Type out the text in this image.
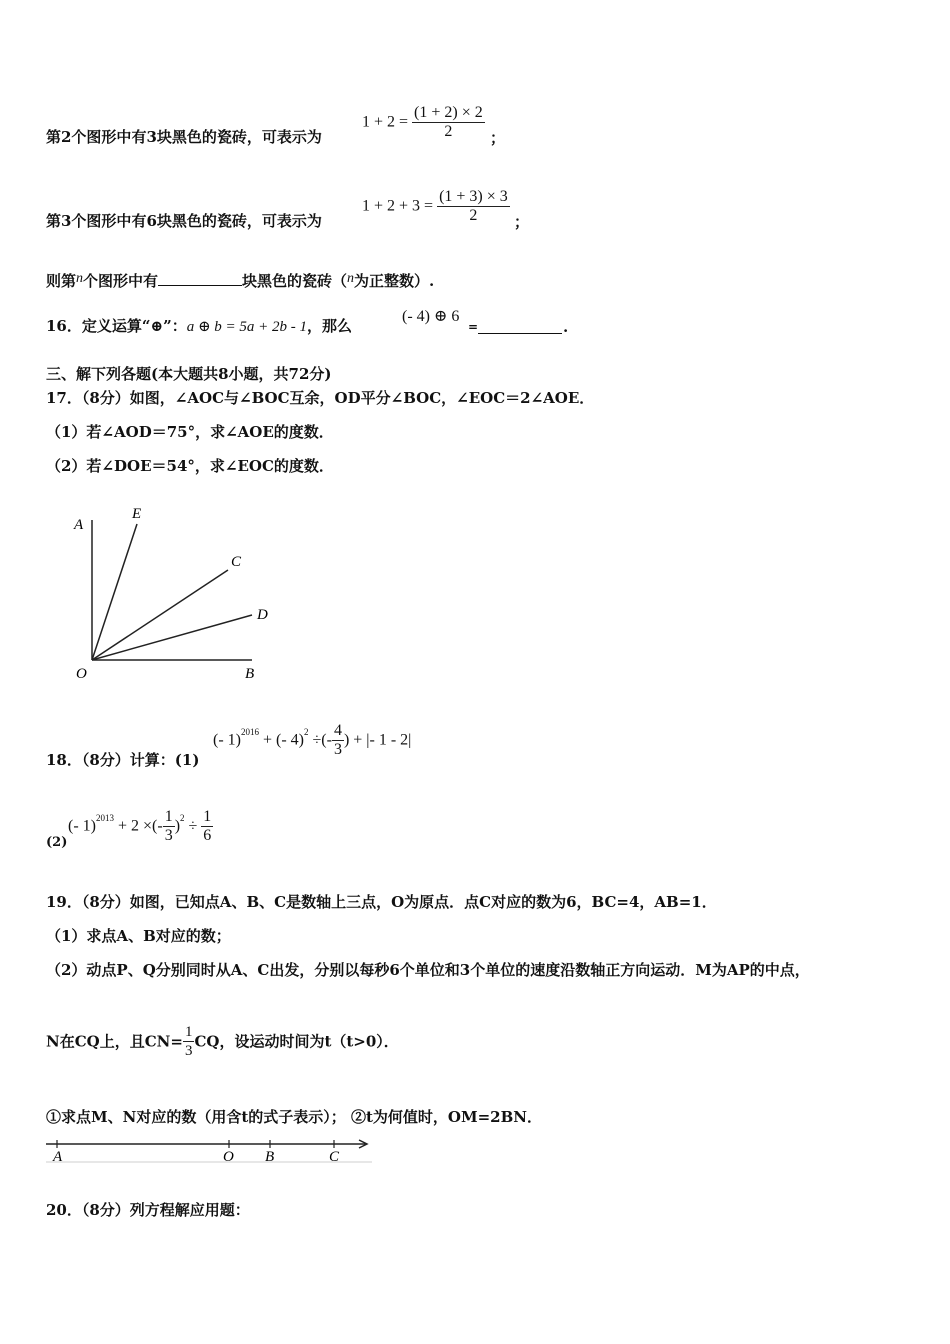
第2个图形中有3块黑色的瓷砖，可表示为
$1 + 2 = \frac{(1 + 2) \times 2}{2}$ ；
第3个图形中有6块黑色的瓷砖，可表示为
$1 + 2 + 3 = \frac{(1 + 3) \times 3}{2}$ ；
则第n个图形中有	块黑色的瓷砖（n为正整数）.
16．定义运算“⊕”：a ⊕ b = 5a + 2b - 1，那么
(- 4) ⊕ 6
=	.
三、解下列各题(本大题共8小题，共72分)
17．（8分）如图，∠AOC与∠BOC互余，OD平分∠BOC，∠EOC＝2∠AOE．
（1）若∠AOD＝75°，求∠AOE的度数．
（2）若∠DOE＝54°，求∠EOC的度数．
A
E
C
D
O	B
18．（8分）计算：(1)
(- 1)$^{2016}$ + (- 4)$^2$ ÷(- $\frac{4}{3}$ ) + |- 1 - 2|
(2)
(- 1)$^{2013}$ + 2 ×(- $\frac{1}{3} )^2 \div \frac{1}{6}$
19．（8分）如图，已知点A、B、C是数轴上三点，O为原点．点C对应的数为6，BC=4，AB=1．
（1）求点A、B对应的数；
（2）动点P、Q分别同时从A、C出发，分别以每秒6个单位和3个单位的速度沿数轴正方向运动．M为AP的中点，
N在CQ上，且$CN= \frac{1}{3}$ CQ，设运动时间为t（t>0）．
①求点M、N对应的数（用含t的式子表示）； ②t为何值时，OM=2BN．
A	O B	C
20．（8分）列方程解应用题：
